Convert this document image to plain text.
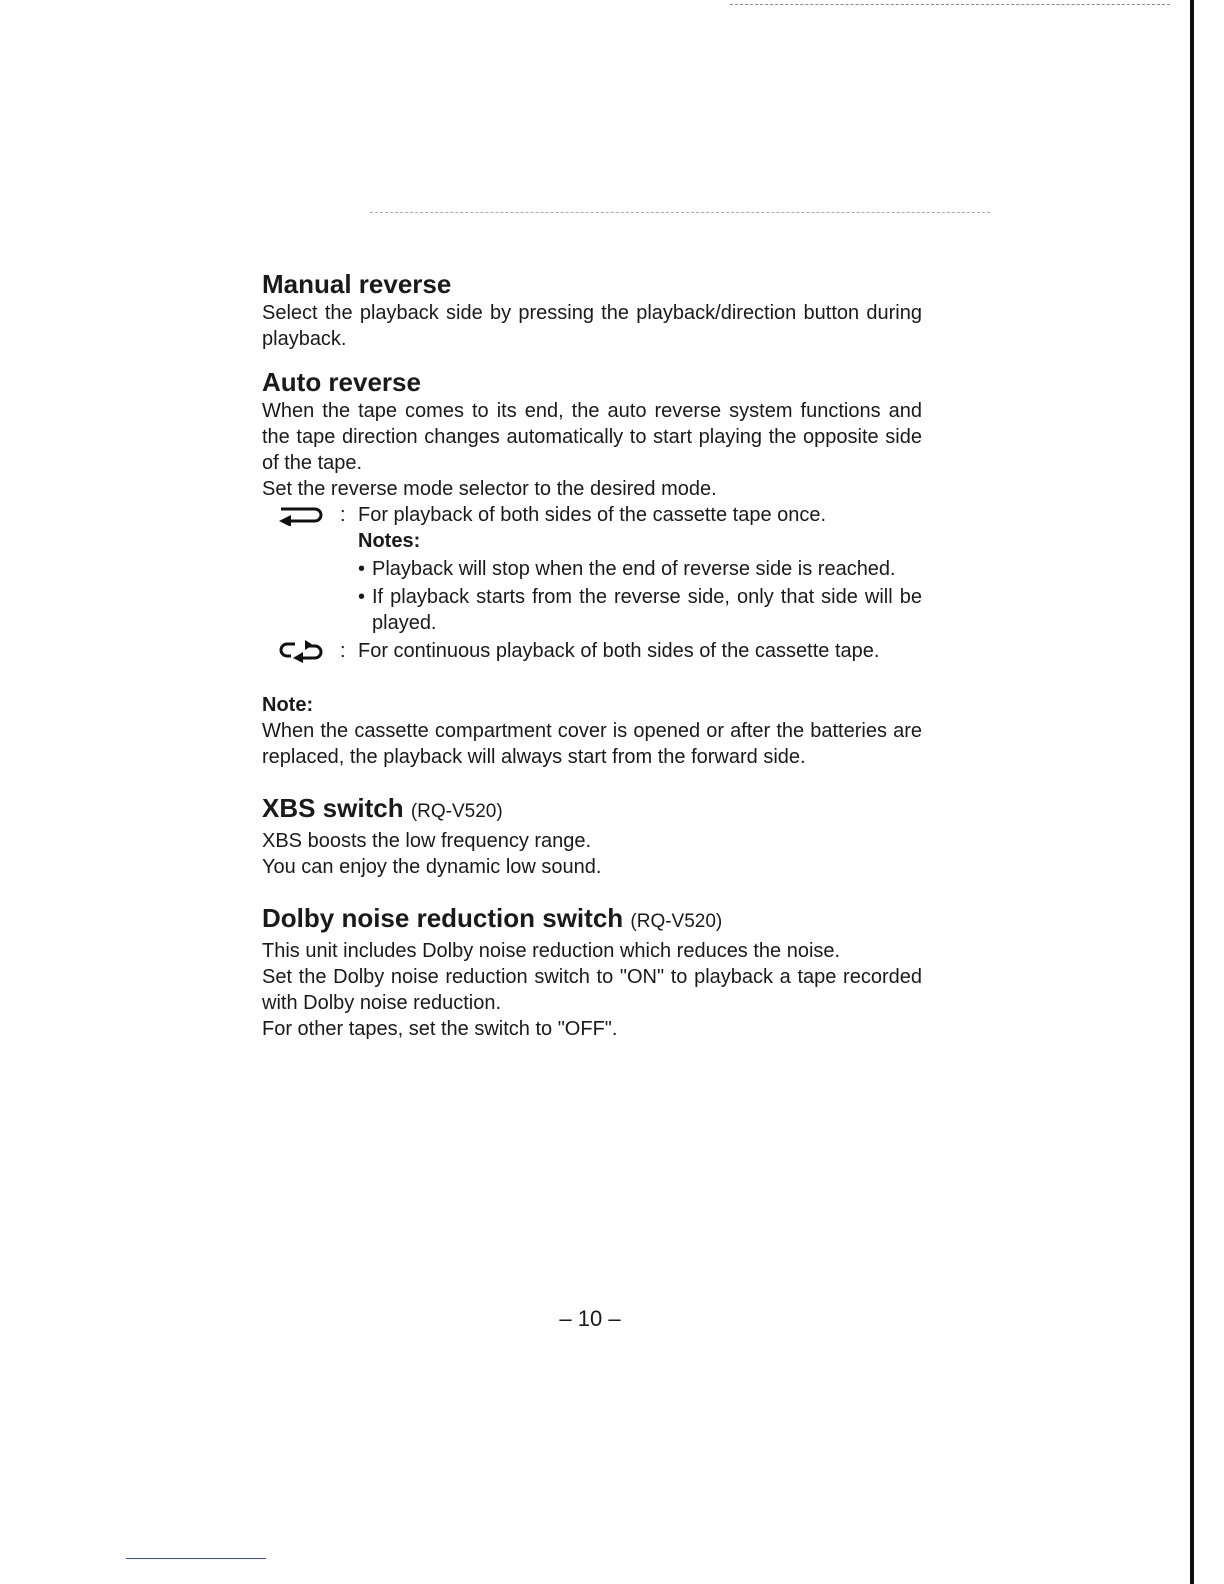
Manual reverse

Select the playback side by pressing the playback/direction button during playback.

Auto reverse

When the tape comes to its end, the auto reverse system functions and the tape direction changes automatically to start playing the opposite side of the tape.

Set the reverse mode selector to the desired mode.

: For playback of both sides of the cassette tape once.

Notes:

• Playback will stop when the end of reverse side is reached.
• If playback starts from the reverse side, only that side will be played.
: For continuous playback of both sides of the cassette tape.

Note:

When the cassette compartment cover is opened or after the batteries are replaced, the playback will always start from the forward side.

XBS switch (RQ-V520)

XBS boosts the low frequency range.

You can enjoy the dynamic low sound.

Dolby noise reduction switch (RQ-V520)

This unit includes Dolby noise reduction which reduces the noise.

Set the Dolby noise reduction switch to "ON" to playback a tape recorded with Dolby noise reduction.

For other tapes, set the switch to "OFF".

– 10 –
